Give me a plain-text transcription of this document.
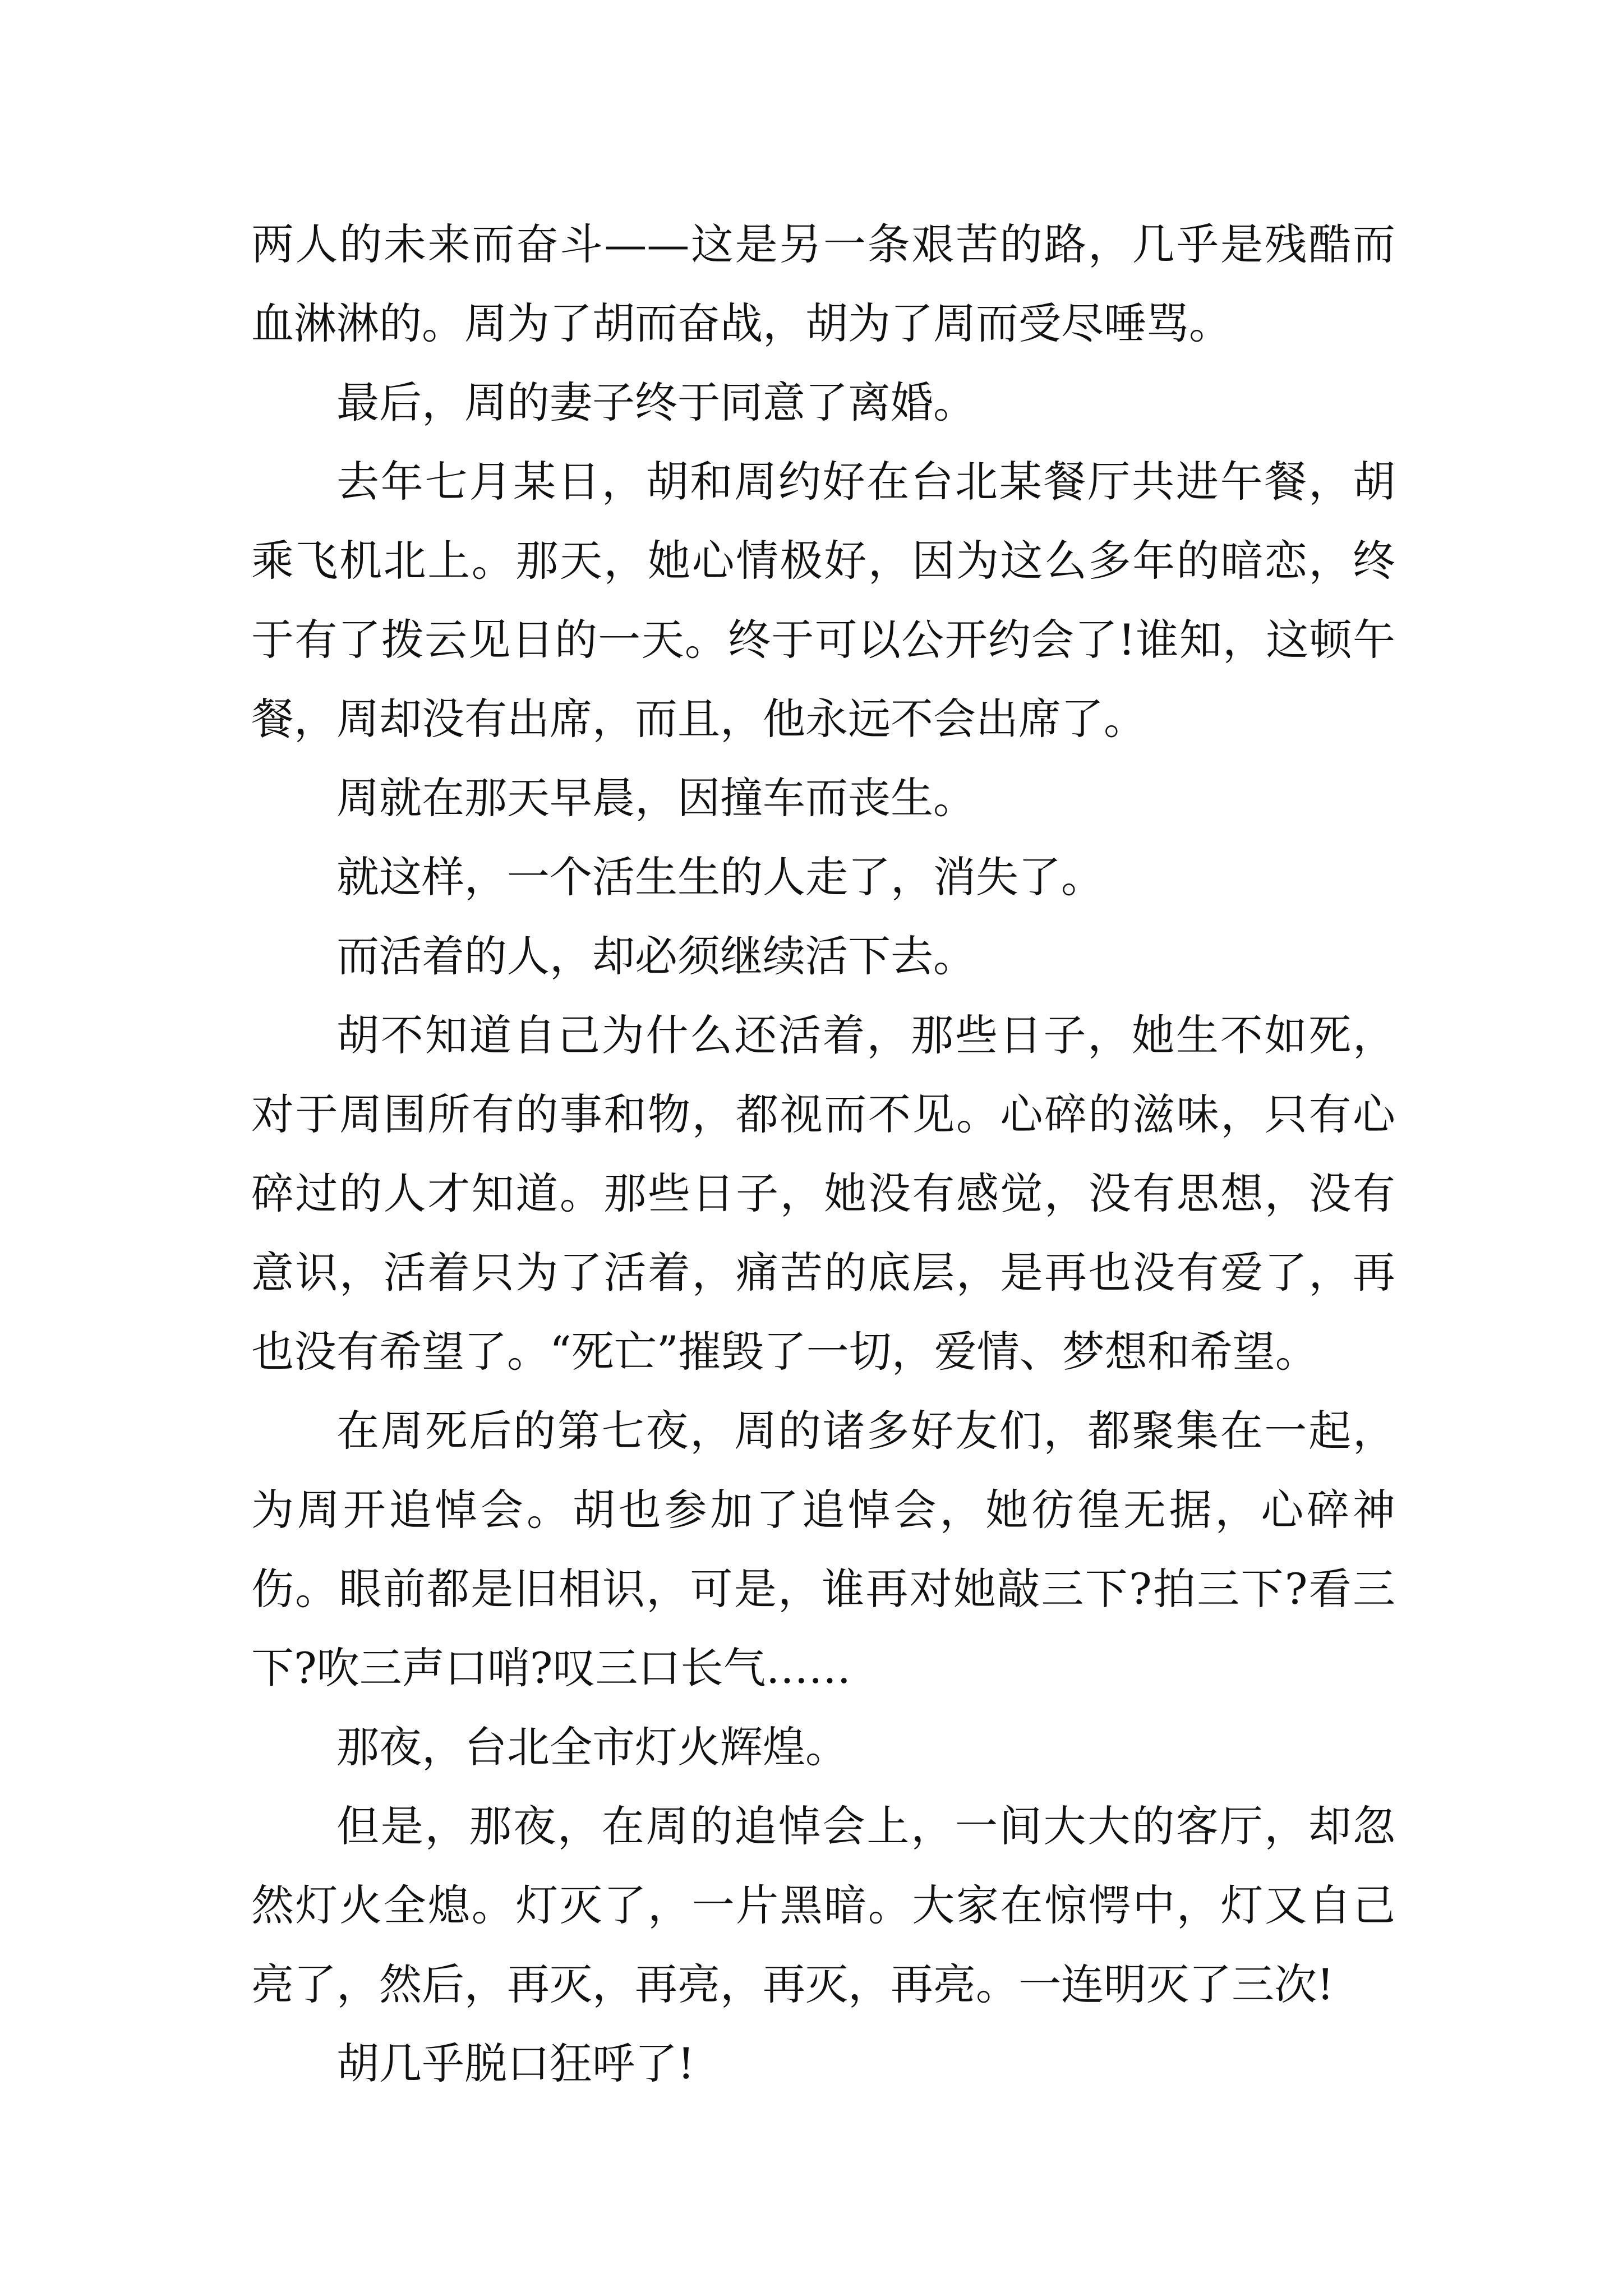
两人的未来而奋斗——这是另一条艰苦的路，几乎是残酷而血淋淋的。周为了胡而奋战，胡为了周而受尽唾骂。

最后，周的妻子终于同意了离婚。

去年七月某日，胡和周约好在台北某餐厅共进午餐，胡乘飞机北上。那天，她心情极好，因为这么多年的暗恋，终于有了拨云见日的一天。终于可以公开约会了!谁知，这顿午餐，周却没有出席，而且，他永远不会出席了。

周就在那天早晨，因撞车而丧生。

就这样，一个活生生的人走了，消失了。

而活着的人，却必须继续活下去。

胡不知道自己为什么还活着，那些日子，她生不如死，对于周围所有的事和物，都视而不见。心碎的滋味，只有心碎过的人才知道。那些日子，她没有感觉，没有思想，没有意识，活着只为了活着，痛苦的底层，是再也没有爱了，再也没有希望了。“死亡”摧毁了一切，爱情、梦想和希望。

在周死后的第七夜，周的诸多好友们，都聚集在一起，为周开追悼会。胡也参加了追悼会，她彷徨无据，心碎神伤。眼前都是旧相识，可是，谁再对她敲三下?拍三下?看三下?吹三声口哨?叹三口长气……

那夜，台北全市灯火辉煌。

但是，那夜，在周的追悼会上，一间大大的客厅，却忽然灯火全熄。灯灭了，一片黑暗。大家在惊愕中，灯又自己亮了，然后，再灭，再亮，再灭，再亮。一连明灭了三次!

胡几乎脱口狂呼了!
